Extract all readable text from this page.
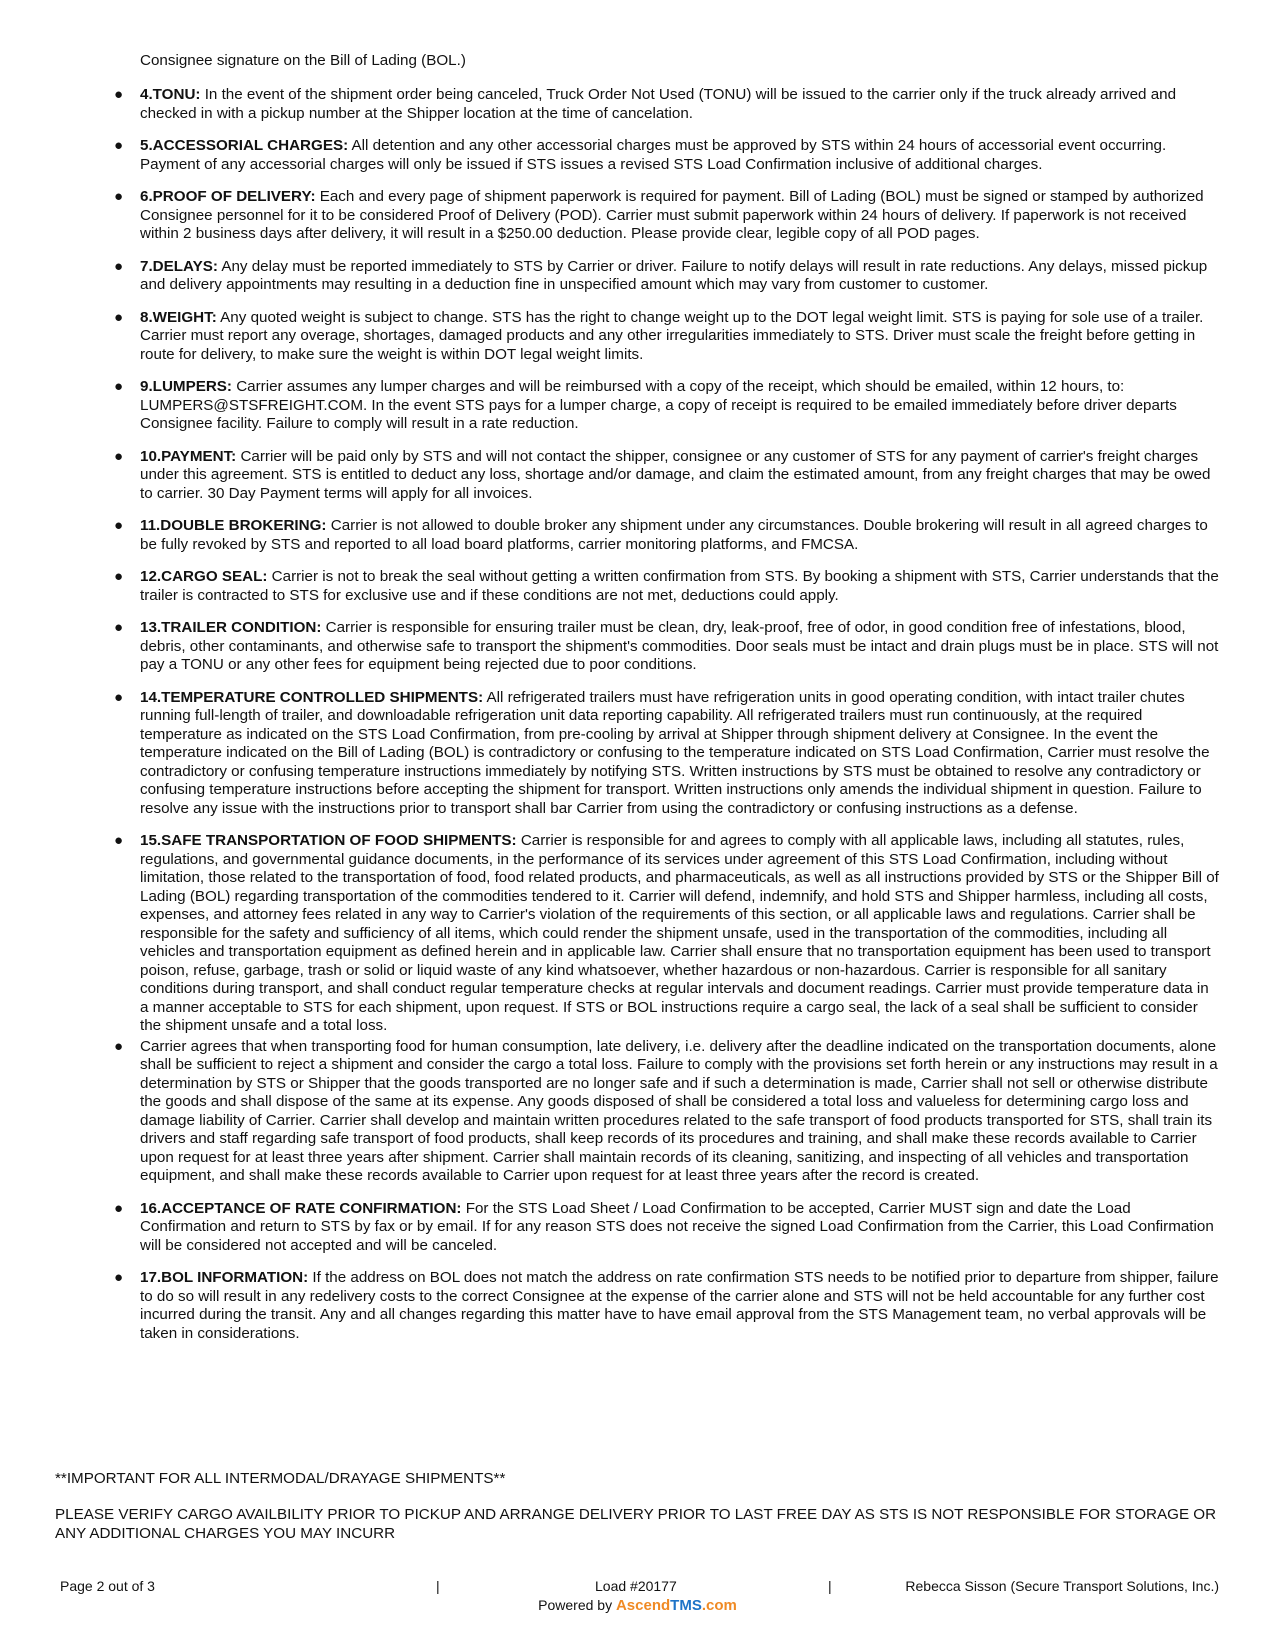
Consignee signature on the Bill of Lading (BOL.)

● 4.TONU: In the event of the shipment order being canceled, Truck Order Not Used (TONU) will be issued to the carrier only if the truck already arrived and checked in with a pickup number at the Shipper location at the time of cancelation.
● 5.ACCESSORIAL CHARGES: All detention and any other accessorial charges must be approved by STS within 24 hours of accessorial event occurring. Payment of any accessorial charges will only be issued if STS issues a revised STS Load Confirmation inclusive of additional charges.
● 6.PROOF OF DELIVERY: Each and every page of shipment paperwork is required for payment. Bill of Lading (BOL) must be signed or stamped by authorized Consignee personnel for it to be considered Proof of Delivery (POD). Carrier must submit paperwork within 24 hours of delivery. If paperwork is not received within 2 business days after delivery, it will result in a $250.00 deduction. Please provide clear, legible copy of all POD pages.
● 7.DELAYS: Any delay must be reported immediately to STS by Carrier or driver. Failure to notify delays will result in rate reductions. Any delays, missed pickup and delivery appointments may resulting in a deduction fine in unspecified amount which may vary from customer to customer.
● 8.WEIGHT: Any quoted weight is subject to change. STS has the right to change weight up to the DOT legal weight limit. STS is paying for sole use of a trailer. Carrier must report any overage, shortages, damaged products and any other irregularities immediately to STS. Driver must scale the freight before getting in route for delivery, to make sure the weight is within DOT legal weight limits.
● 9.LUMPERS: Carrier assumes any lumper charges and will be reimbursed with a copy of the receipt, which should be emailed, within 12 hours, to: LUMPERS@STSFREIGHT.COM. In the event STS pays for a lumper charge, a copy of receipt is required to be emailed immediately before driver departs Consignee facility. Failure to comply will result in a rate reduction.
● 10.PAYMENT: Carrier will be paid only by STS and will not contact the shipper, consignee or any customer of STS for any payment of carrier's freight charges under this agreement. STS is entitled to deduct any loss, shortage and/or damage, and claim the estimated amount, from any freight charges that may be owed to carrier. 30 Day Payment terms will apply for all invoices.
● 11.DOUBLE BROKERING: Carrier is not allowed to double broker any shipment under any circumstances. Double brokering will result in all agreed charges to be fully revoked by STS and reported to all load board platforms, carrier monitoring platforms, and FMCSA.
● 12.CARGO SEAL: Carrier is not to break the seal without getting a written confirmation from STS. By booking a shipment with STS, Carrier understands that the trailer is contracted to STS for exclusive use and if these conditions are not met, deductions could apply.
● 13.TRAILER CONDITION: Carrier is responsible for ensuring trailer must be clean, dry, leak-proof, free of odor, in good condition free of infestations, blood, debris, other contaminants, and otherwise safe to transport the shipment's commodities. Door seals must be intact and drain plugs must be in place. STS will not pay a TONU or any other fees for equipment being rejected due to poor conditions.
● 14.TEMPERATURE CONTROLLED SHIPMENTS: All refrigerated trailers must have refrigeration units in good operating condition, with intact trailer chutes running full-length of trailer, and downloadable refrigeration unit data reporting capability. All refrigerated trailers must run continuously, at the required temperature as indicated on the STS Load Confirmation, from pre-cooling by arrival at Shipper through shipment delivery at Consignee. In the event the temperature indicated on the Bill of Lading (BOL) is contradictory or confusing to the temperature indicated on STS Load Confirmation, Carrier must resolve the contradictory or confusing temperature instructions immediately by notifying STS. Written instructions by STS must be obtained to resolve any contradictory or confusing temperature instructions before accepting the shipment for transport. Written instructions only amends the individual shipment in question. Failure to resolve any issue with the instructions prior to transport shall bar Carrier from using the contradictory or confusing instructions as a defense.
● 15.SAFE TRANSPORTATION OF FOOD SHIPMENTS: Carrier is responsible for and agrees to comply with all applicable laws, including all statutes, rules, regulations, and governmental guidance documents, in the performance of its services under agreement of this STS Load Confirmation, including without limitation, those related to the transportation of food, food related products, and pharmaceuticals, as well as all instructions provided by STS or the Shipper Bill of Lading (BOL) regarding transportation of the commodities tendered to it. Carrier will defend, indemnify, and hold STS and Shipper harmless, including all costs, expenses, and attorney fees related in any way to Carrier's violation of the requirements of this section, or all applicable laws and regulations. Carrier shall be responsible for the safety and sufficiency of all items, which could render the shipment unsafe, used in the transportation of the commodities, including all vehicles and transportation equipment as defined herein and in applicable law. Carrier shall ensure that no transportation equipment has been used to transport poison, refuse, garbage, trash or solid or liquid waste of any kind whatsoever, whether hazardous or non-hazardous. Carrier is responsible for all sanitary conditions during transport, and shall conduct regular temperature checks at regular intervals and document readings. Carrier must provide temperature data in a manner acceptable to STS for each shipment, upon request. If STS or BOL instructions require a cargo seal, the lack of a seal shall be sufficient to consider the shipment unsafe and a total loss.
● Carrier agrees that when transporting food for human consumption, late delivery, i.e. delivery after the deadline indicated on the transportation documents, alone shall be sufficient to reject a shipment and consider the cargo a total loss. Failure to comply with the provisions set forth herein or any instructions may result in a determination by STS or Shipper that the goods transported are no longer safe and if such a determination is made, Carrier shall not sell or otherwise distribute the goods and shall dispose of the same at its expense. Any goods disposed of shall be considered a total loss and valueless for determining cargo loss and damage liability of Carrier. Carrier shall develop and maintain written procedures related to the safe transport of food products transported for STS, shall train its drivers and staff regarding safe transport of food products, shall keep records of its procedures and training, and shall make these records available to Carrier upon request for at least three years after shipment. Carrier shall maintain records of its cleaning, sanitizing, and inspecting of all vehicles and transportation equipment, and shall make these records available to Carrier upon request for at least three years after the record is created.
● 16.ACCEPTANCE OF RATE CONFIRMATION: For the STS Load Sheet / Load Confirmation to be accepted, Carrier MUST sign and date the Load Confirmation and return to STS by fax or by email. If for any reason STS does not receive the signed Load Confirmation from the Carrier, this Load Confirmation will be considered not accepted and will be canceled.
● 17.BOL INFORMATION: If the address on BOL does not match the address on rate confirmation STS needs to be notified prior to departure from shipper, failure to do so will result in any redelivery costs to the correct Consignee at the expense of the carrier alone and STS will not be held accountable for any further cost incurred during the transit. Any and all changes regarding this matter have to have email approval from the STS Management team, no verbal approvals will be taken in considerations.

**IMPORTANT FOR ALL INTERMODAL/DRAYAGE SHIPMENTS**

PLEASE VERIFY CARGO AVAILBILITY PRIOR TO PICKUP AND ARRANGE DELIVERY PRIOR TO LAST FREE DAY AS STS IS NOT RESPONSIBLE FOR STORAGE OR ANY ADDITIONAL CHARGES YOU MAY INCURR

Page 2 out of 3	|	Load #20177	|	Rebecca Sisson (Secure Transport Solutions, Inc.)
Powered by AscendTMS.com
